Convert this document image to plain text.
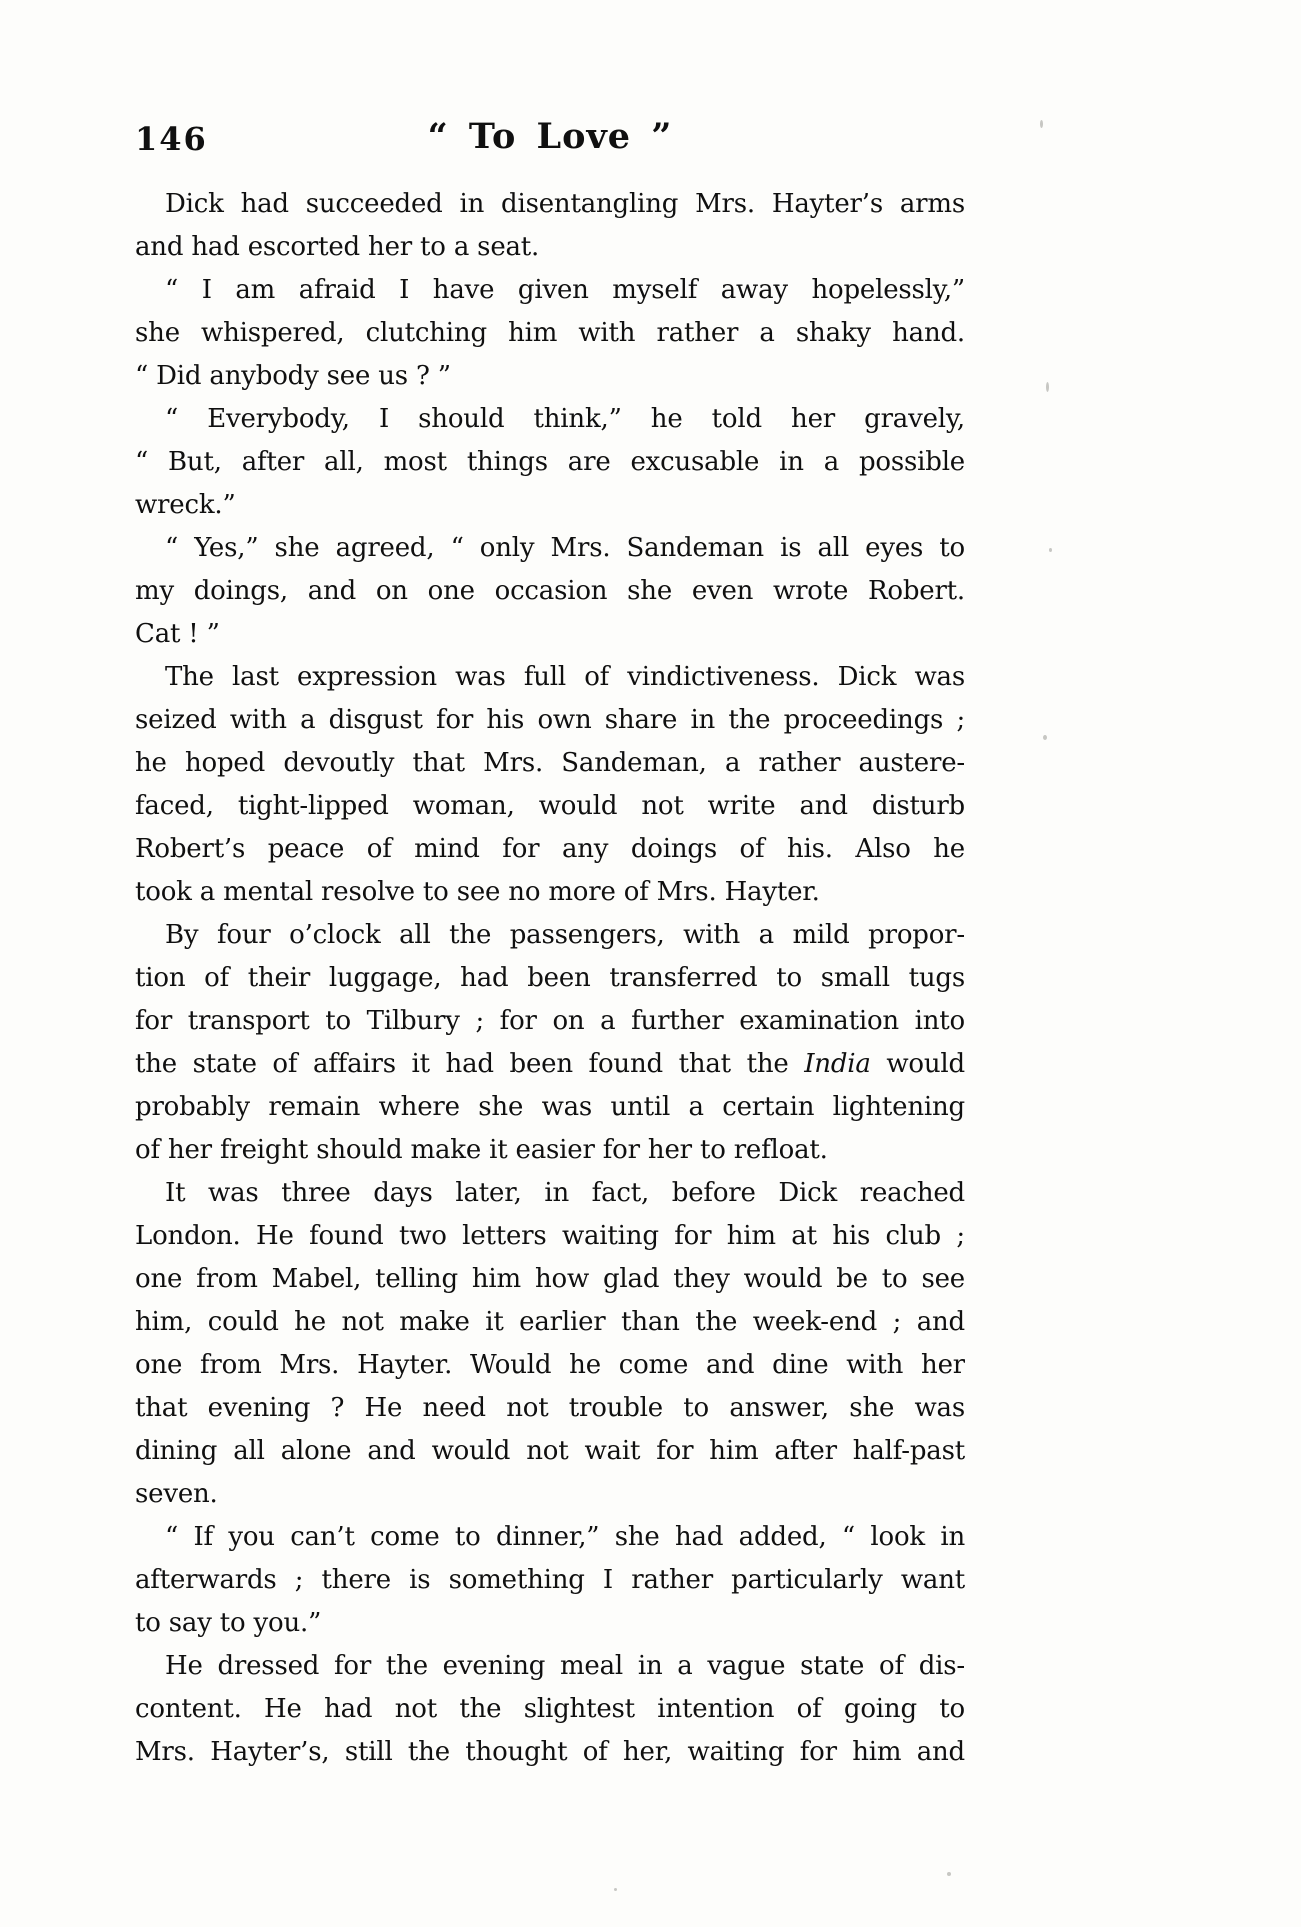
146	“ To Love ”
Dick had succeeded in disentangling Mrs. Hayter’s arms
and had escorted her to a seat.
“ I am afraid I have given myself away hopelessly,”
she whispered, clutching him with rather a shaky hand.
“ Did anybody see us ? ”
“ Everybody, I should think,” he told her gravely,
“ But, after all, most things are excusable in a possible
wreck.”
“ Yes,” she agreed, “ only Mrs. Sandeman is all eyes to
my doings, and on one occasion she even wrote Robert.
Cat ! ”
The last expression was full of vindictiveness. Dick was
seized with a disgust for his own share in the proceedings ;
he hoped devoutly that Mrs. Sandeman, a rather austere-
faced, tight-lipped woman, would not write and disturb
Robert’s peace of mind for any doings of his. Also he
took a mental resolve to see no more of Mrs. Hayter.
By four o’clock all the passengers, with a mild propor-
tion of their luggage, had been transferred to small tugs
for transport to Tilbury ; for on a further examination into
the state of affairs it had been found that the India would
probably remain where she was until a certain lightening
of her freight should make it easier for her to refloat.
It was three days later, in fact, before Dick reached
London. He found two letters waiting for him at his club ;
one from Mabel, telling him how glad they would be to see
him, could he not make it earlier than the week-end ; and
one from Mrs. Hayter. Would he come and dine with her
that evening ? He need not trouble to answer, she was
dining all alone and would not wait for him after half-past
seven.
“ If you can’t come to dinner,” she had added, “ look in
afterwards ; there is something I rather particularly want
to say to you.”
He dressed for the evening meal in a vague state of dis-
content. He had not the slightest intention of going to
Mrs. Hayter’s, still the thought of her, waiting for him and
